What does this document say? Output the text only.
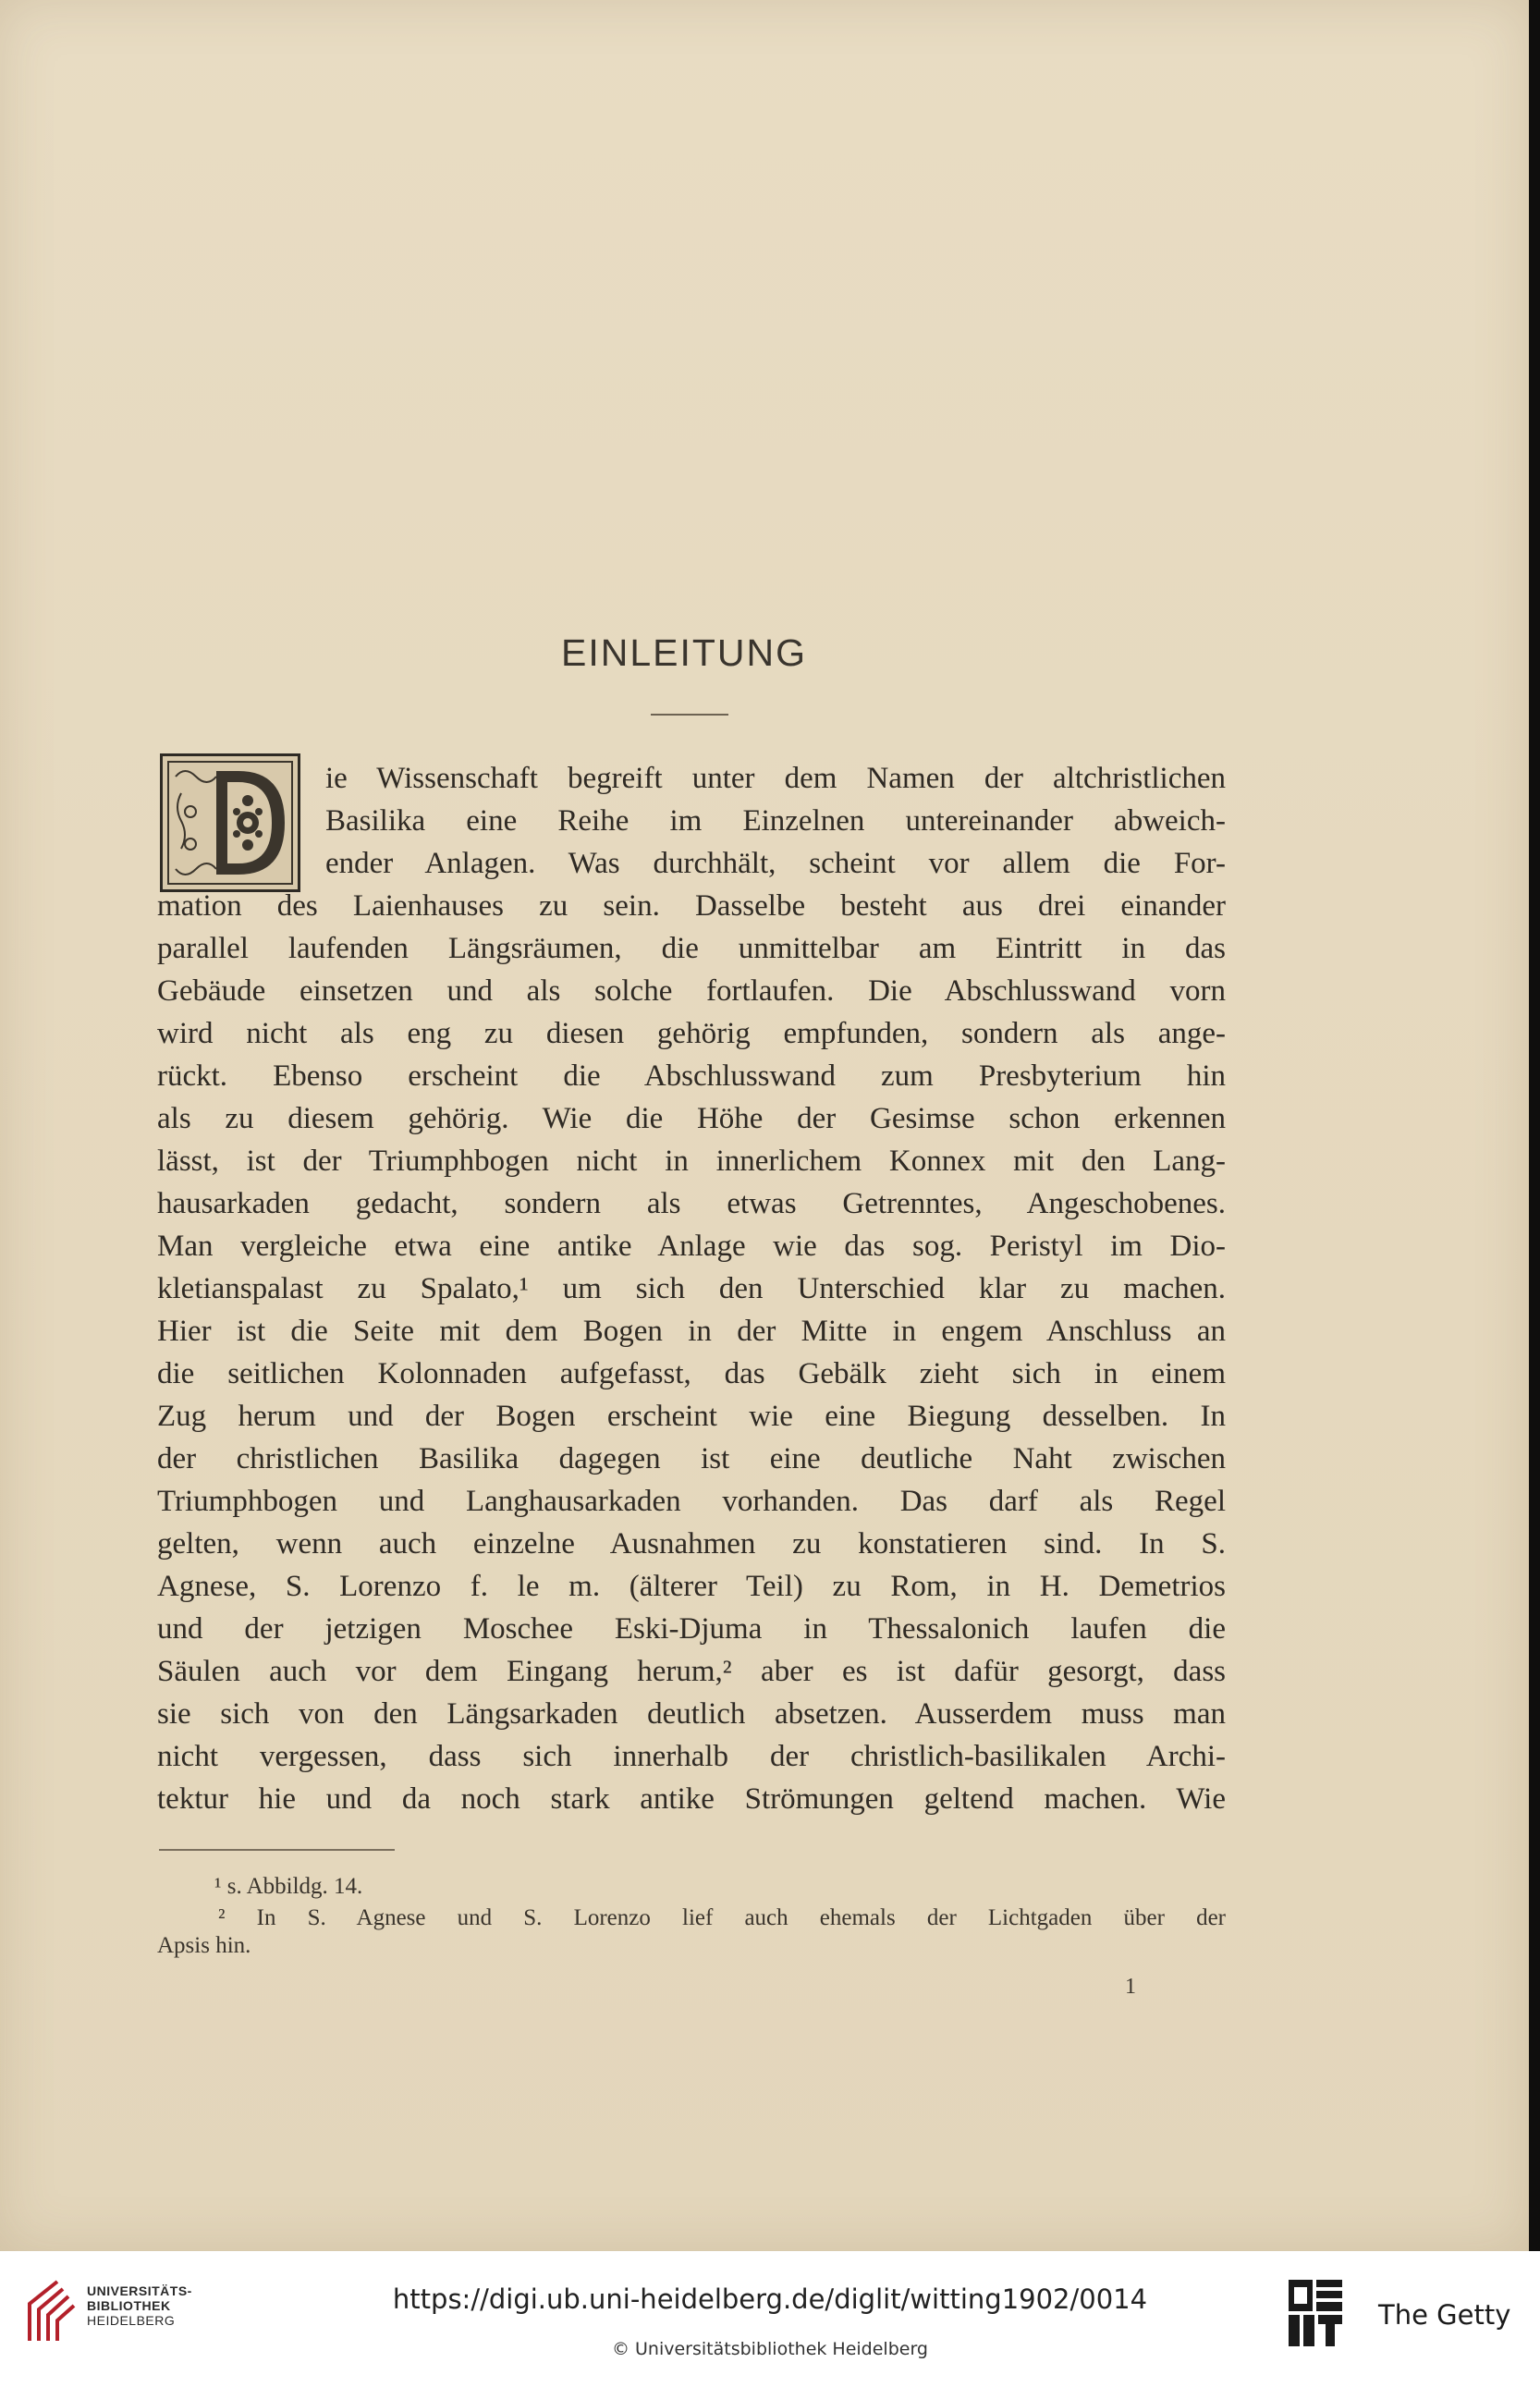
EINLEITUNG
ie Wissenschaft begreift unter dem Namen der altchristlichen
Basilika eine Reihe im Einzelnen untereinander abweich-
ender Anlagen. Was durchhält, scheint vor allem die For-
mation des Laienhauses zu sein. Dasselbe besteht aus drei einander
parallel laufenden Längsräumen, die unmittelbar am Eintritt in das
Gebäude einsetzen und als solche fortlaufen. Die Abschlusswand vorn
wird nicht als eng zu diesen gehörig empfunden, sondern als ange-
rückt. Ebenso erscheint die Abschlusswand zum Presbyterium hin
als zu diesem gehörig. Wie die Höhe der Gesimse schon erkennen
lässt, ist der Triumphbogen nicht in innerlichem Konnex mit den Lang-
hausarkaden gedacht, sondern als etwas Getrenntes, Angeschobenes.
Man vergleiche etwa eine antike Anlage wie das sog. Peristyl im Dio-
kletianspalast zu Spalato,¹ um sich den Unterschied klar zu machen.
Hier ist die Seite mit dem Bogen in der Mitte in engem Anschluss an
die seitlichen Kolonnaden aufgefasst, das Gebälk zieht sich in einem
Zug herum und der Bogen erscheint wie eine Biegung desselben. In
der christlichen Basilika dagegen ist eine deutliche Naht zwischen
Triumphbogen und Langhausarkaden vorhanden. Das darf als Regel
gelten, wenn auch einzelne Ausnahmen zu konstatieren sind. In S.
Agnese, S. Lorenzo f. le m. (älterer Teil) zu Rom, in H. Demetrios
und der jetzigen Moschee Eski-Djuma in Thessalonich laufen die
Säulen auch vor dem Eingang herum,² aber es ist dafür gesorgt, dass
sie sich von den Längsarkaden deutlich absetzen. Ausserdem muss man
nicht vergessen, dass sich innerhalb der christlich-basilikalen Archi-
tektur hie und da noch stark antike Strömungen geltend machen. Wie
¹ s. Abbildg. 14.
² In S. Agnese und S. Lorenzo lief auch ehemals der Lichtgaden über der
Apsis hin.
1
UNIVERSITÄTS-
BIBLIOTHEK
HEIDELBERG
https://digi.ub.uni-heidelberg.de/diglit/witting1902/0014
© Universitätsbibliothek Heidelberg
The Getty
